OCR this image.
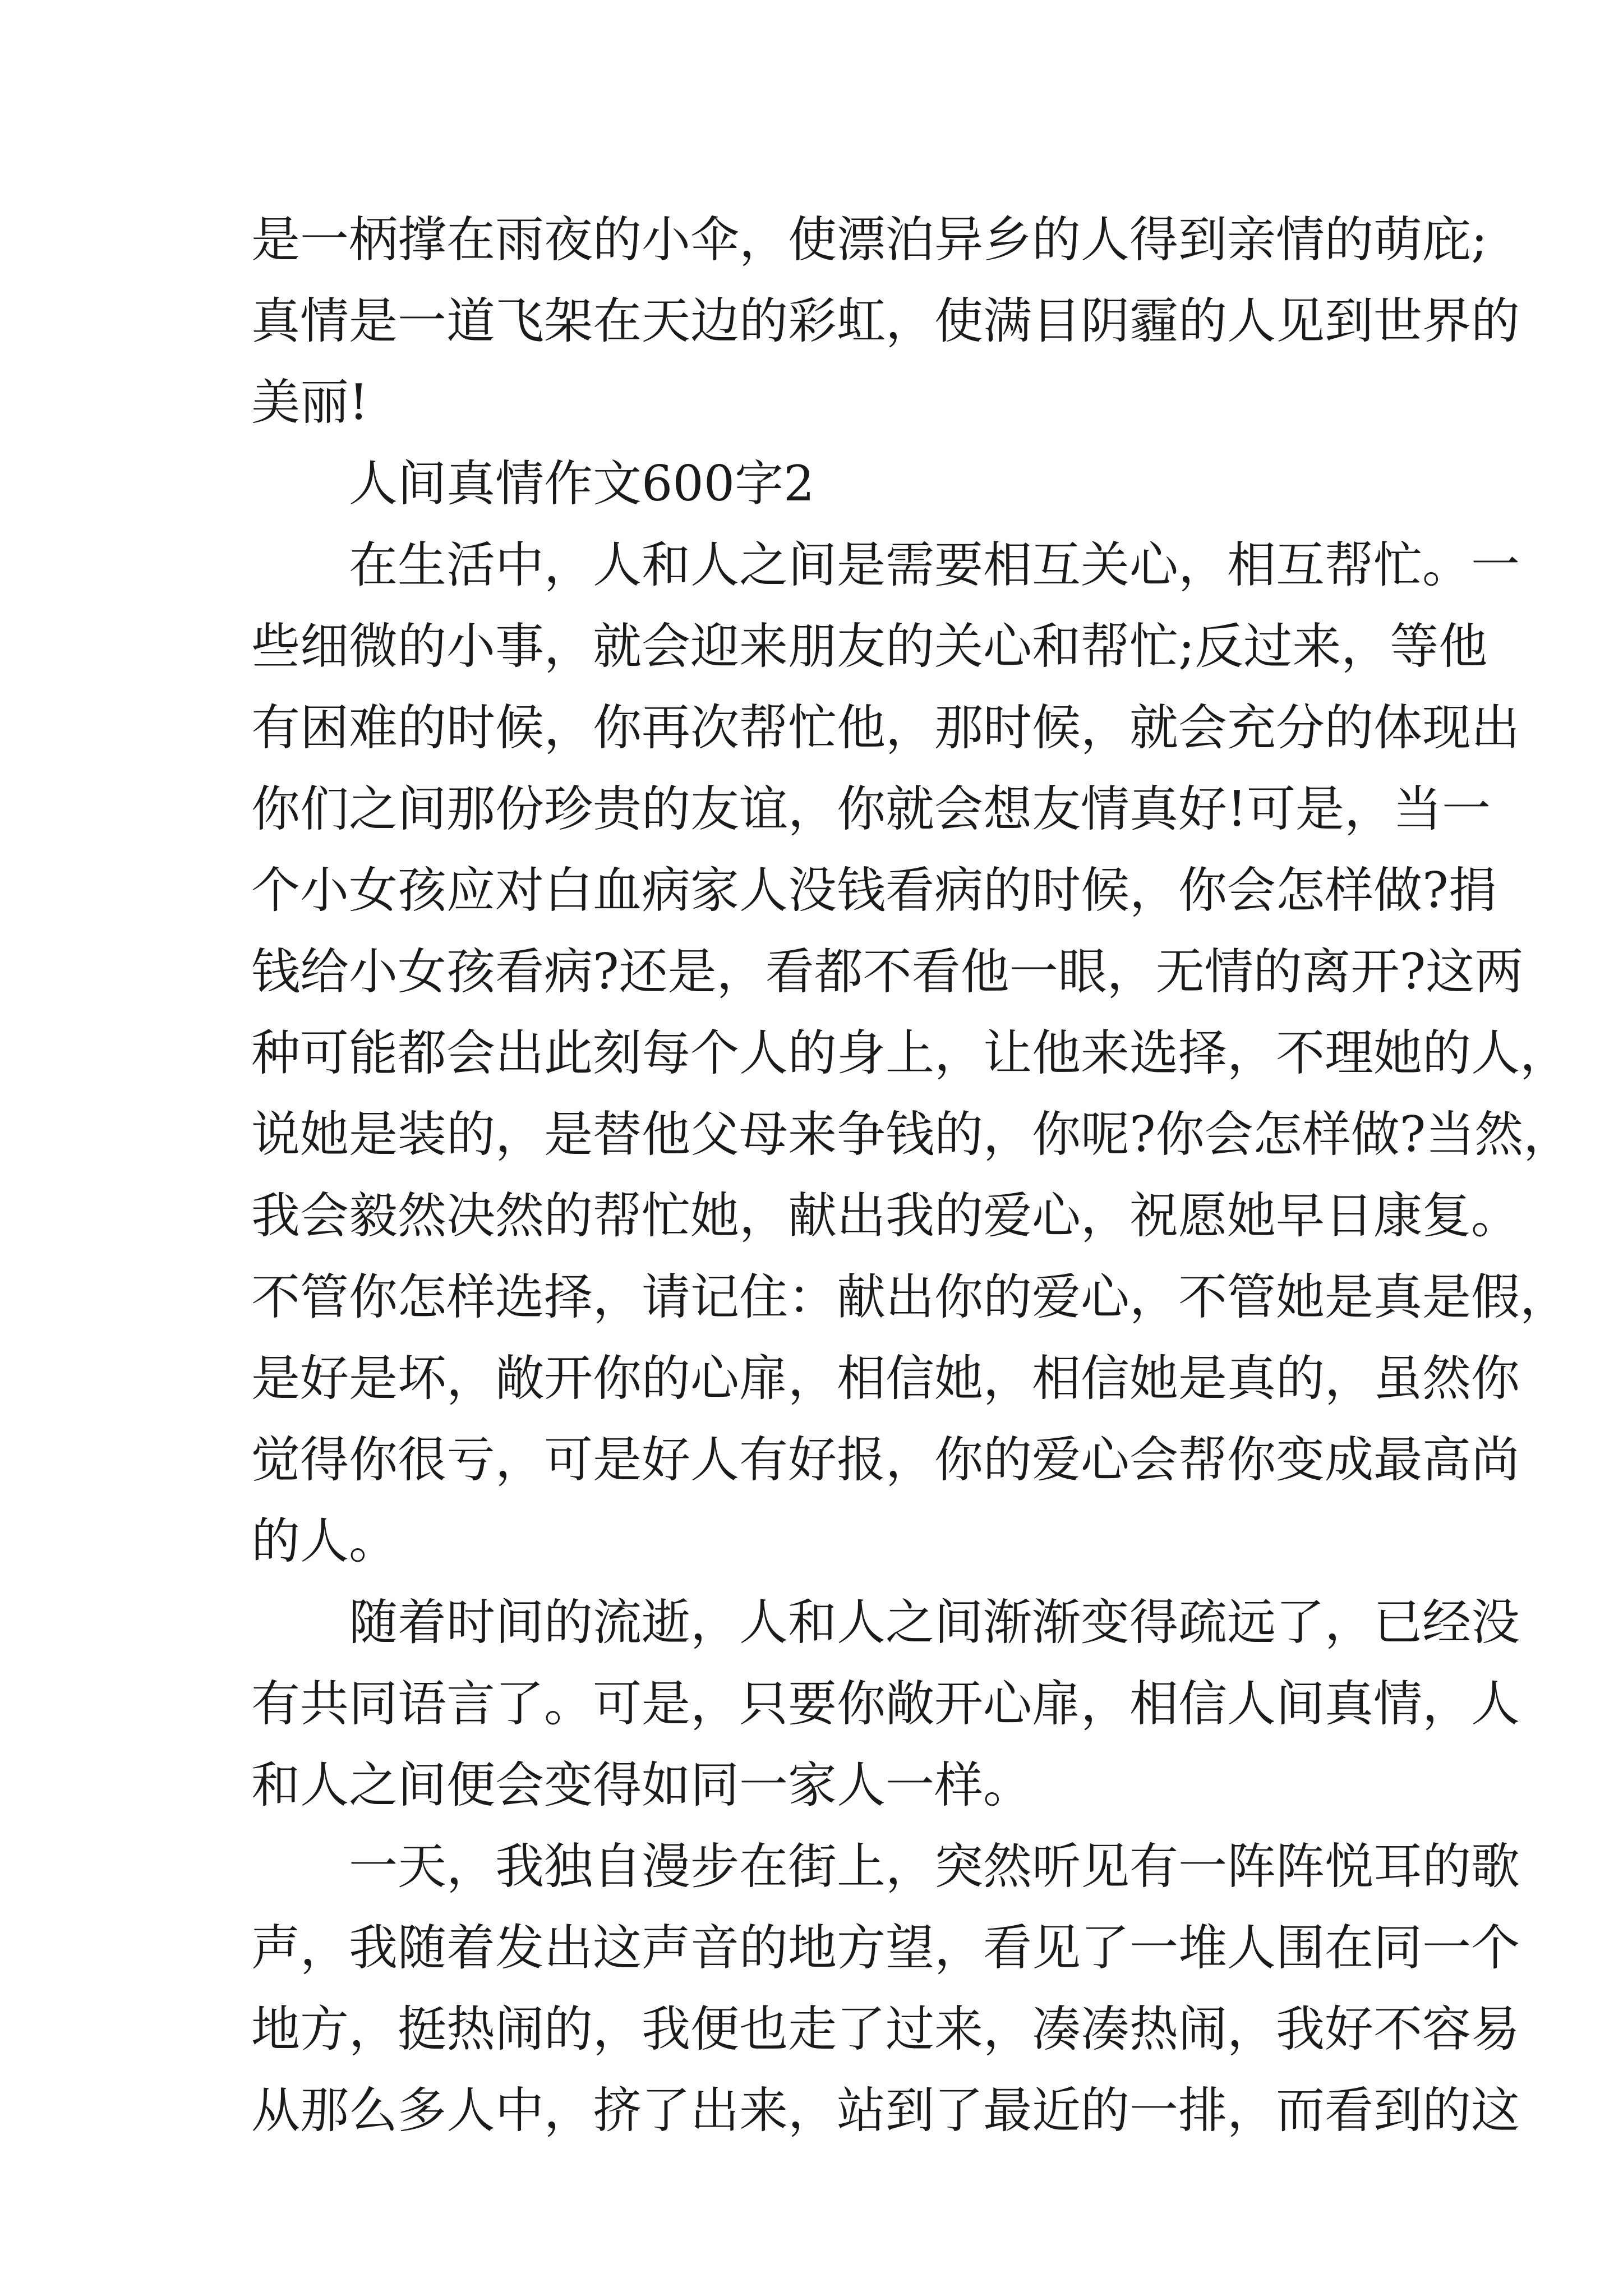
是一柄撑在雨夜的小伞，使漂泊异乡的人得到亲情的萌庇;
真情是一道飞架在天边的彩虹，使满目阴霾的人见到世界的
美丽!
人间真情作文600字2
在生活中，人和人之间是需要相互关心，相互帮忙。一
些细微的小事，就会迎来朋友的关心和帮忙;反过来，等他
有困难的时候，你再次帮忙他，那时候，就会充分的体现出
你们之间那份珍贵的友谊，你就会想友情真好!可是，当一
个小女孩应对白血病家人没钱看病的时候，你会怎样做?捐
钱给小女孩看病?还是，看都不看他一眼，无情的离开?这两
种可能都会出此刻每个人的身上，让他来选择，不理她的人，
说她是装的，是替他父母来争钱的，你呢?你会怎样做?当然，
我会毅然决然的帮忙她，献出我的爱心，祝愿她早日康复。
不管你怎样选择，请记住：献出你的爱心，不管她是真是假，
是好是坏，敞开你的心扉，相信她，相信她是真的，虽然你
觉得你很亏，可是好人有好报，你的爱心会帮你变成最高尚
的人。
随着时间的流逝，人和人之间渐渐变得疏远了，已经没
有共同语言了。可是，只要你敞开心扉，相信人间真情，人
和人之间便会变得如同一家人一样。
一天，我独自漫步在街上，突然听见有一阵阵悦耳的歌
声，我随着发出这声音的地方望，看见了一堆人围在同一个
地方，挺热闹的，我便也走了过来，凑凑热闹，我好不容易
从那么多人中，挤了出来，站到了最近的一排，而看到的这
